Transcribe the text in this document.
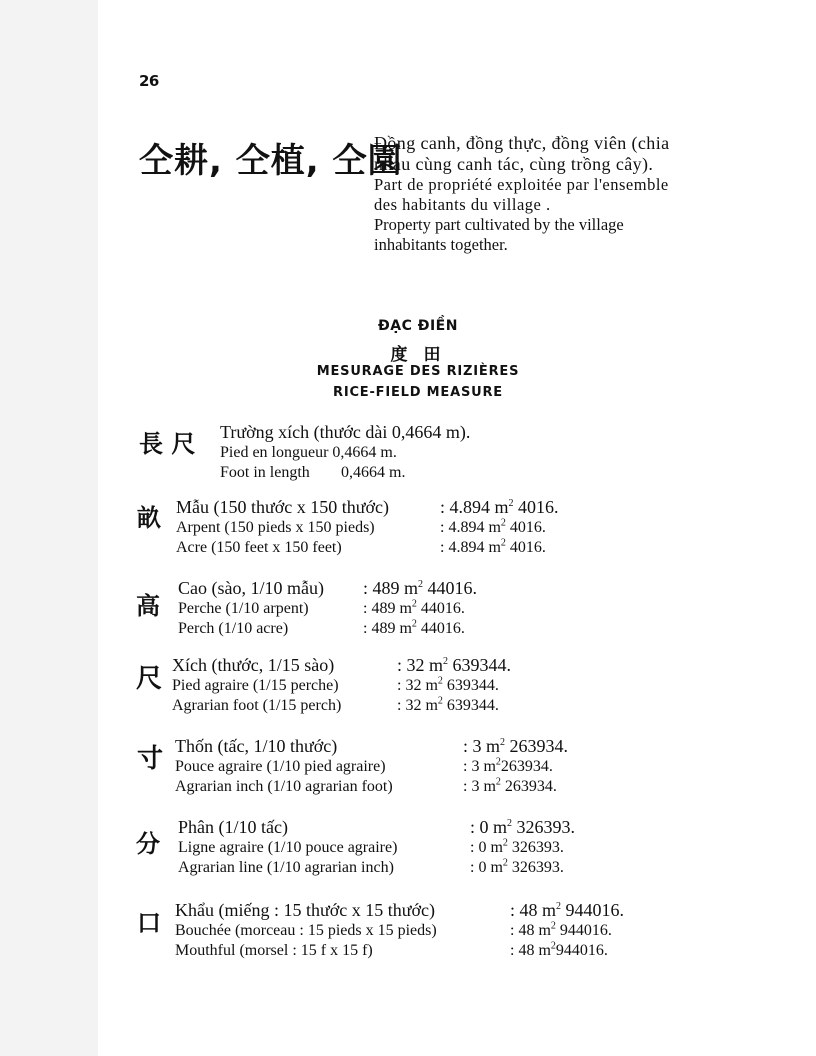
26
仝耕, 仝植, 仝園

Đồng canh, đồng thực, đồng viên (chia nhau cùng canh tác, cùng trồng cây).

Part de propriété exploitée par l'ensemble des habitants du village .

Property part cultivated by the village inhabitants together.

ĐẠC ĐIỀN
度 田
MESURAGE DES RIZIÈRES
RICE-FIELD MEASURE
長 尺 Trường xích (thước dài 0,4664 m).
Pied en longueur 0,4664 m.
Foot in length 0,4664 m.
畝 Mẫu (150 thước x 150 thước)	: 4.894 $m^2$ 4016.
Arpent (150 pieds x 150 pieds)	: 4.894 $m^2$ 4016.
Acre (150 feet x 150 feet)	: 4.894 $m^2$ 4016.
高
Cao (sào, 1/10 mẫu) : 489 $m^2$ 44016.
Perche (1/10 arpent)	: 489 $m^2$ 44016.
Perch (1/10 acre)	: 489 $m^2$ 44016.
尺 Xích (thước, 1/15 sào)	: 32 $m^2$ 639344.
Pied agraire (1/15 perche)	: 32 $m^2$ 639344.
Agrarian foot (1/15 perch)	: 32 $m^2$ 639344.
寸 Thốn (tấc, 1/10 thước)	: 3 $m^2$ 263934.
Pouce agraire (1/10 pied agraire)	: 3 $m^2263934$.
Agrarian inch (1/10 agrarian foot)	: 3 $m^2$ 263934.
分
Phân (1/10 tấc)	: 0 $m^2$ 326393.
Ligne agraire (1/10 pouce agraire)	: 0 $m^2$ 326393.
Agrarian line (1/10 agrarian inch)	: 0 $m^2$ 326393.
口 Khẩu (miếng : 15 thước x 15 thước)	: 48 $m^2$ 944016.
Bouchée (morceau : 15 pieds x 15 pieds)	: 48 $m^2$ 944016.
Mouthful (morsel : 15 f x 15 f)	: 48 $m^2944016$.
